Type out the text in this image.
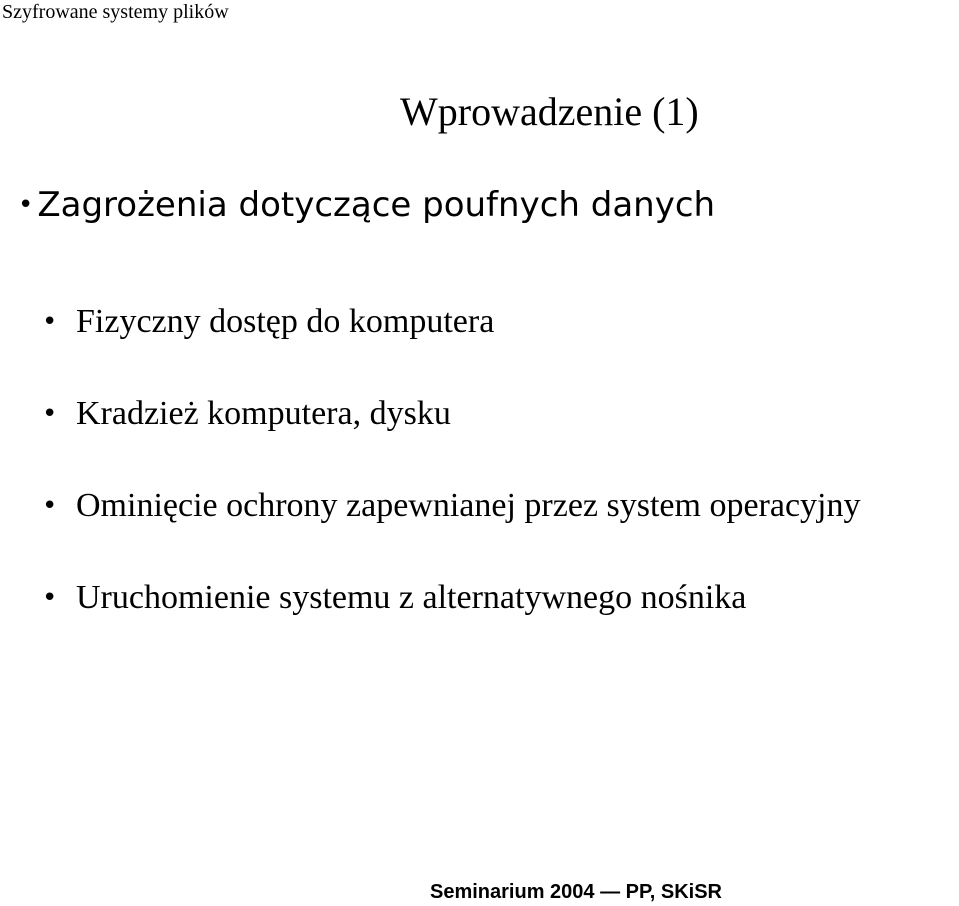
Szyfrowane systemy plików
Wprowadzenie (1)
• Zagrożenia dotyczące poufnych danych
• Fizyczny dostęp do komputera
• Kradzież komputera, dysku
• Ominięcie ochrony zapewnianej przez system operacyjny
• Uruchomienie systemu z alternatywnego nośnika
Seminarium 2004 — PP, SKiSR
